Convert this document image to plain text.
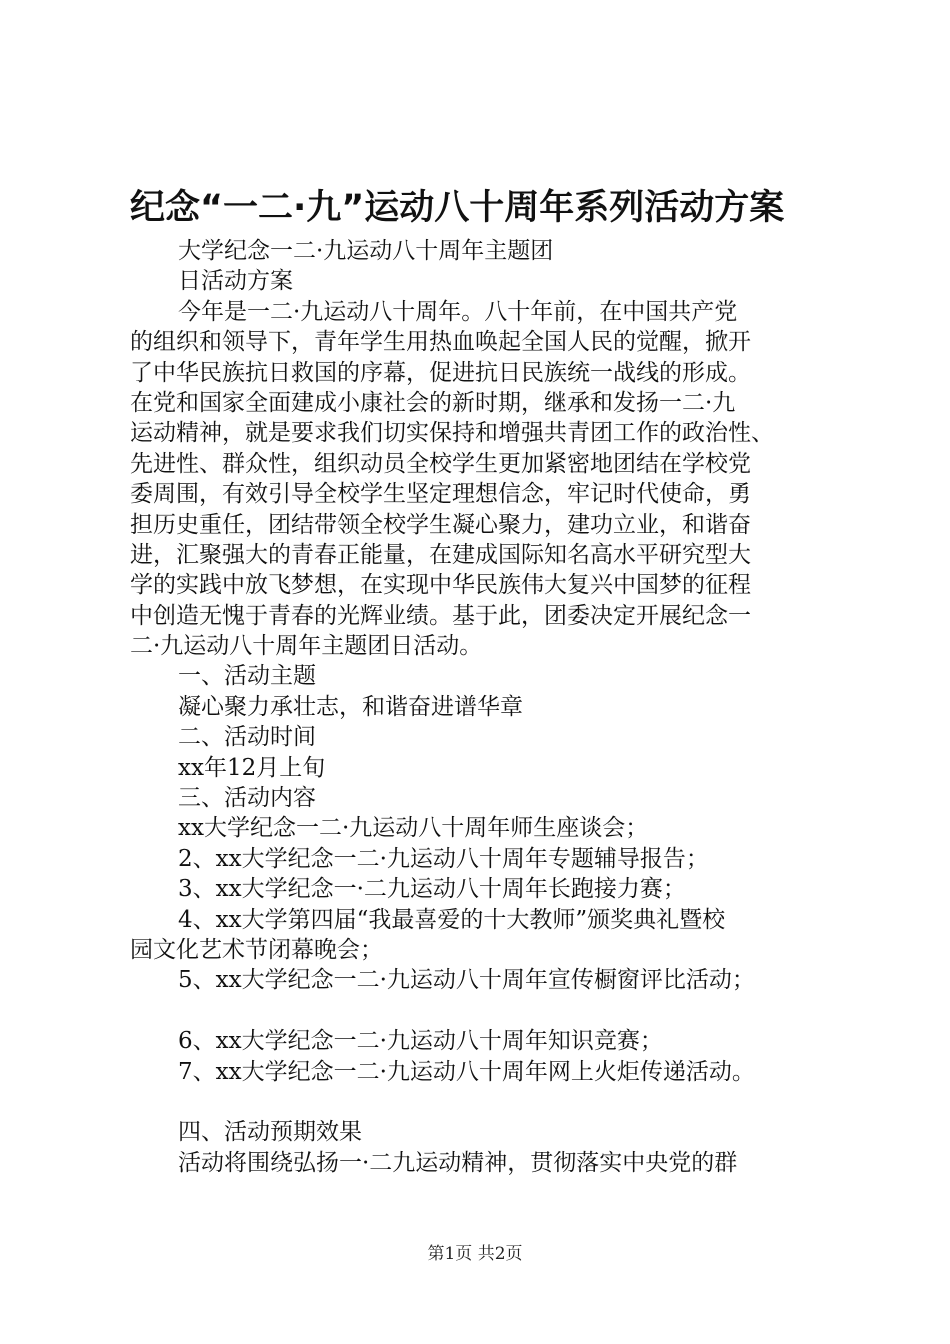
纪念“一二·九”运动八十周年系列活动方案
大学纪念一二·九运动八十周年主题团
日活动方案
今年是一二·九运动八十周年。八十年前，在中国共产党
的组织和领导下，青年学生用热血唤起全国人民的觉醒，掀开
了中华民族抗日救国的序幕，促进抗日民族统一战线的形成。
在党和国家全面建成小康社会的新时期，继承和发扬一二·九
运动精神，就是要求我们切实保持和增强共青团工作的政治性、
先进性、群众性，组织动员全校学生更加紧密地团结在学校党
委周围，有效引导全校学生坚定理想信念，牢记时代使命，勇
担历史重任，团结带领全校学生凝心聚力，建功立业，和谐奋
进，汇聚强大的青春正能量，在建成国际知名高水平研究型大
学的实践中放飞梦想，在实现中华民族伟大复兴中国梦的征程
中创造无愧于青春的光辉业绩。基于此，团委决定开展纪念一
二·九运动八十周年主题团日活动。
一、活动主题
凝心聚力承壮志，和谐奋进谱华章
二、活动时间
xx年12月上旬
三、活动内容
xx大学纪念一二·九运动八十周年师生座谈会；
2、xx大学纪念一二·九运动八十周年专题辅导报告；
3、xx大学纪念一·二九运动八十周年长跑接力赛；
4、xx大学第四届“我最喜爱的十大教师”颁奖典礼暨校
园文化艺术节闭幕晚会；
5、xx大学纪念一二·九运动八十周年宣传橱窗评比活动；
6、xx大学纪念一二·九运动八十周年知识竞赛；
7、xx大学纪念一二·九运动八十周年网上火炬传递活动。
四、活动预期效果
活动将围绕弘扬一·二九运动精神，贯彻落实中央党的群
第1页 共2页
